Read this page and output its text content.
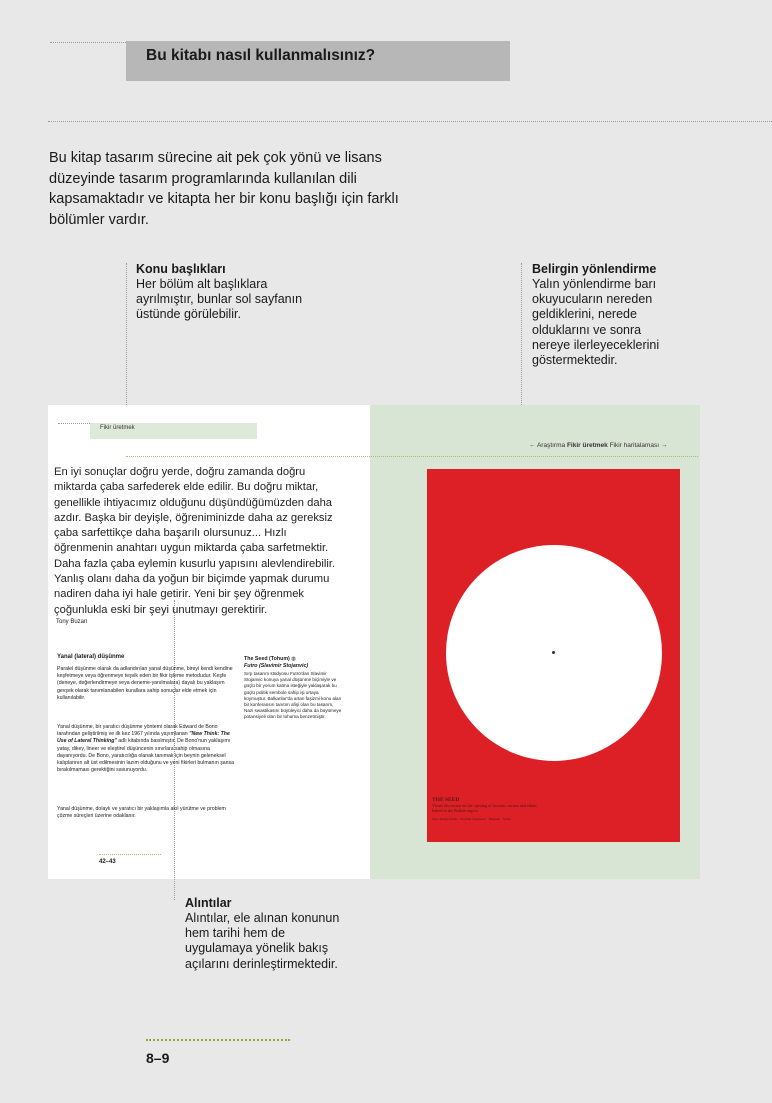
Bu kitabı nasıl kullanmalısınız?
Bu kitap tasarım sürecine ait pek çok yönü ve lisans düzeyinde tasarım programlarında kullanılan dili kapsamaktadır ve kitapta her bir konu başlığı için farklı bölümler vardır.
Konu başlıkları
Her bölüm alt başlıklara ayrılmıştır, bunlar sol sayfanın üstünde görülebilir.
Belirgin yönlendirme
Yalın yönlendirme barı okuyucuların nereden geldiklerini, nerede olduklarını ve sonra nereye ilerleyeceklerini göstermektedir.
Fikir üretmek
← Araştırma Fikir üretmek Fikir haritalaması →
En iyi sonuçlar doğru yerde, doğru zamanda doğru miktarda çaba sarfederek elde edilir. Bu doğru miktar, genellikle ihtiyacımız olduğunu düşündüğümüzden daha azdır. Başka bir deyişle, öğreniminizde daha az gereksiz çaba sarfettikçe daha başarılı olursunuz... Hızlı öğrenmenin anahtarı uygun miktarda çaba sarfetmektir. Daha fazla çaba eylemin kusurlu yapısını alevlendirebilir. Yanlış olanı daha da yoğun bir biçimde yapmak durumu nadiren daha iyi hale getirir. Yeni bir şey öğrenmek çoğunlukla eski bir şeyi unutmayı gerektirir.
Tony Buzan
Yanal (lateral) düşünme
Paralel düşünme olarak da adlandırılan yanal düşünme, bireyi kendi kendine keşfetmeye veya öğrenmeye teşvik eden bir fikir işleme metodudur. Keşfe (deneye, değerlendirmeye veya deneme-yanılmalara) dayalı bu yaklaşım gevşek olarak tanımlanabilen kurallara sahip sonuçlar elde etmek için kullanılabilir.
Yanal düşünme, bir yaratıcı düşünme yöntemi olarak Edward de Bono tarafından geliştirilmiş ve ilk kez 1967 yılında yayımlanan "New Think: The Use of Lateral Thinking" adlı kitabında basılmıştır. De Bono'nun yaklaşımı yatay, dikey, lineer ve eleştirel düşüncenin sınırlara sahip olmasına dayanıyordu. De Bono, yaratıcılığa olanak tanımak için beynin geleneksel kalıplarının alt üst edilmesinin lazım olduğunu ve yeni fikirleri bulmanın şansa bırakılmaması gerektiğini savunuyordu.
Yanal düşünme, dolaylı ve yaratıcı bir yaklaşımla akıl yürütme ve problem çözme süreçleri üzerine odaklanır.
The Seed (Tohum) ◍
Futro (Slavimir Stojanvic)
Sırp tasarım stüdyosu Futro'dan Slavimir Stojanvic konuya yanal düşünme biçimiyle ve güçlü bir yorum katma isteğiyle yaklaşarak bu güçlü politik sembole sahip işi ortaya koymuştur. Balkanlar'da artan faşizmi konu alan bir konferansın tanıtım afişi olan bu tasarım, Nazi swastikasını büyüleyici daha da büyümeye potansiyeli olan bir tohuma benzetmiştir.
42–43
THE SEED
Visual discussion on the opening of fascism, racism and ethnic hatred in the Balkan region
Futro Design Studio · Slavimir Stojanovic · Belgrade · Serbia
Alıntılar
Alıntılar, ele alınan konunun hem tarihi hem de uygulamaya yönelik bakış açılarını derinleştirmektedir.
8–9
